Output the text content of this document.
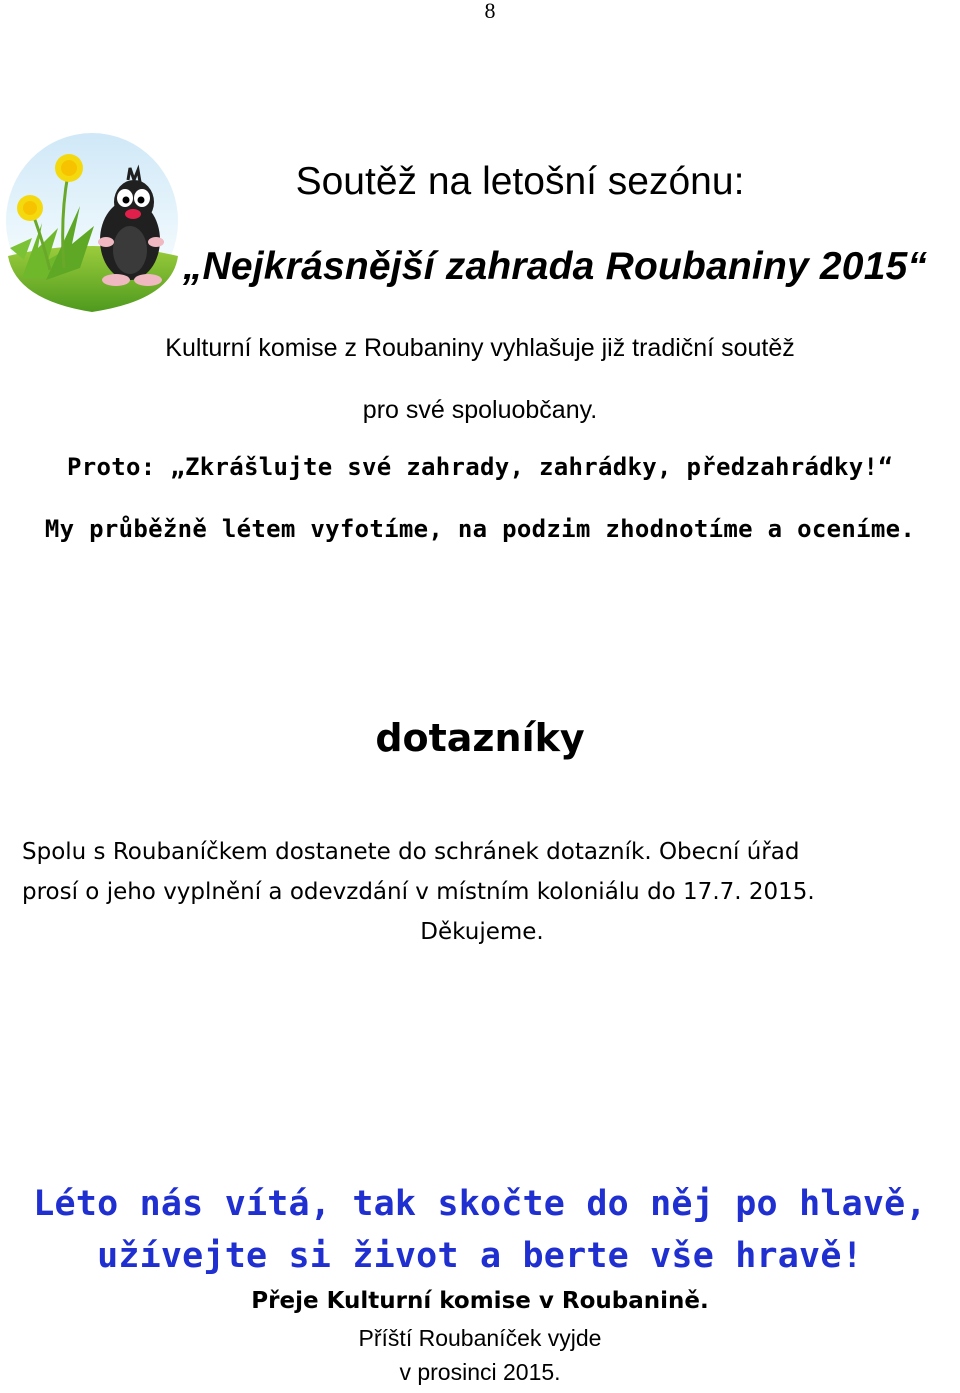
8
Soutěž na letošní sezónu:
„Nejkrásnější zahrada Roubaniny 2015“
Kulturní komise z Roubaniny vyhlašuje již tradiční soutěž
pro své spoluobčany.
Proto: „Zkrášlujte své zahrady, zahrádky, předzahrádky!“
My průběžně létem vyfotíme, na podzim zhodnotíme a oceníme.
dotazníky
Spolu s Roubaníčkem dostanete do schránek dotazník. Obecní úřad
prosí o jeho vyplnění a odevzdání v místním koloniálu do 17.7. 2015.
Děkujeme.
Léto nás vítá, tak skočte do něj po hlavě,
užívejte si život a berte vše hravě!
Přeje Kulturní komise v Roubanině.
Příští Roubaníček vyjde
v prosinci 2015.
